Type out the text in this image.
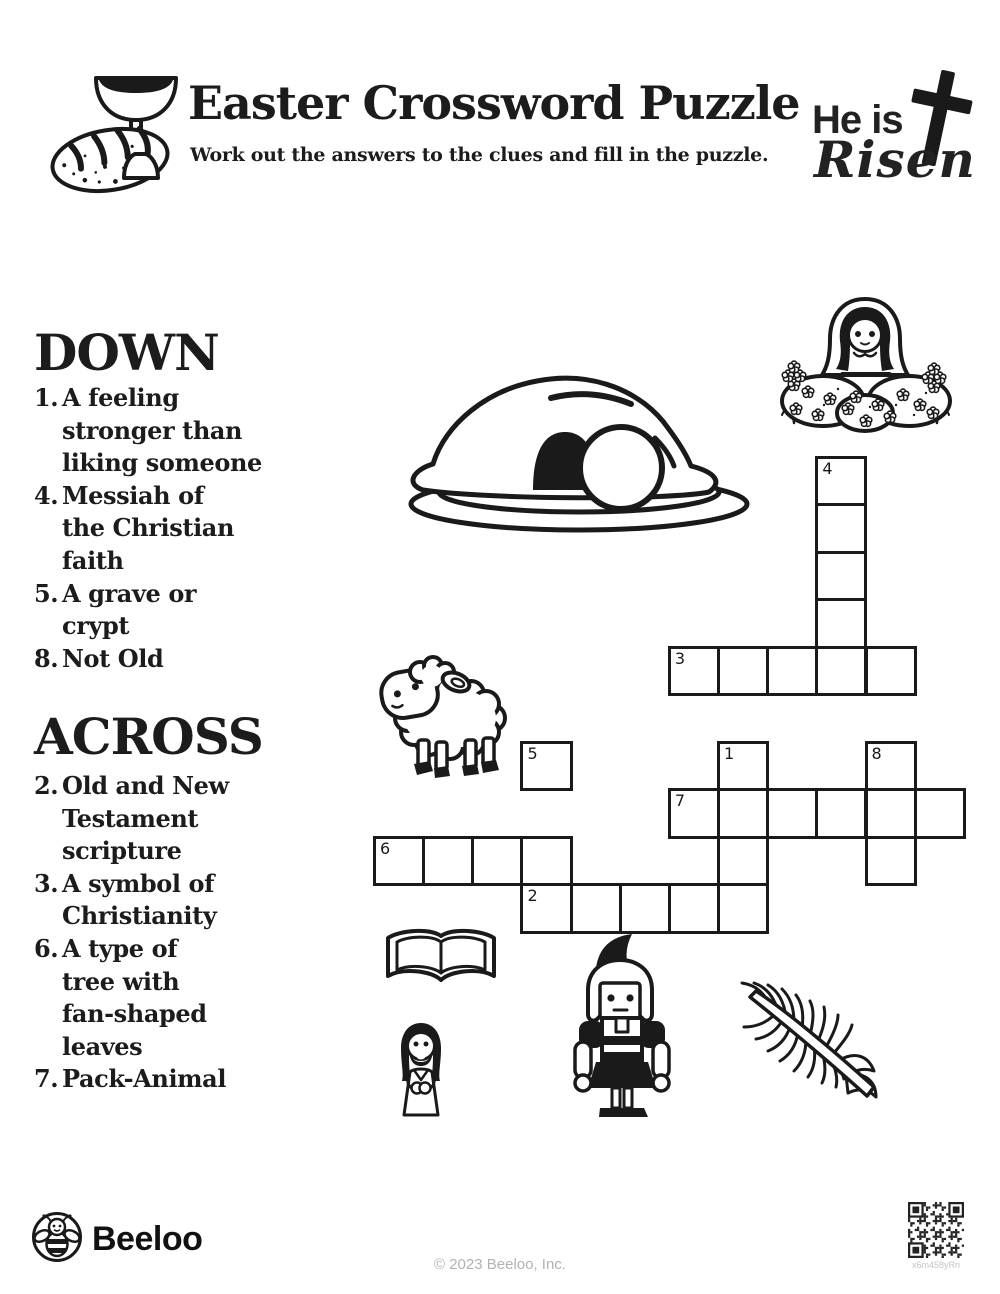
Easter Crossword Puzzle
Work out the answers to the clues and fill in the puzzle.
He is
Risen
DOWN
1. A feeling
stronger than
liking someone
4. Messiah of
the Christian
faith
5. A grave or
crypt
8. Not Old
ACROSS
2. Old and New
Testament
scripture
3. A symbol of
Christianity
6. A type of
tree with
fan-shaped
leaves
7. Pack-Animal
4
3
5	1	8
7
6
2
Beeloo
© 2023 Beeloo, Inc.	x6m458yRn
